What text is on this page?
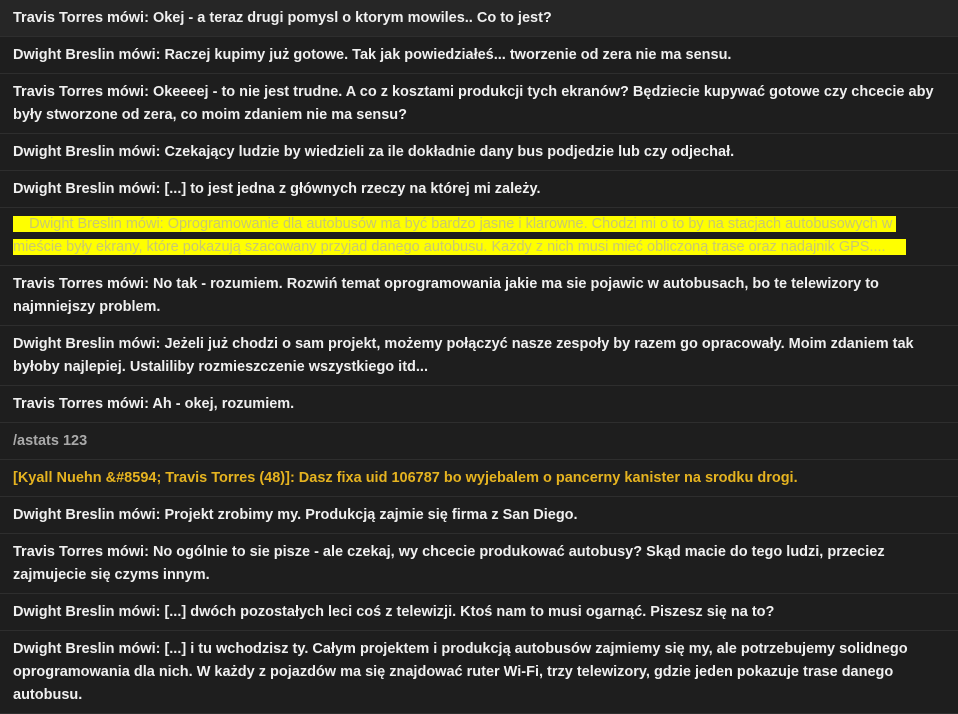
Travis Torres mówi: Okej - a teraz drugi pomysl o ktorym mowiles.. Co to jest?
Dwight Breslin mówi: Raczej kupimy już gotowe. Tak jak powiedziałeś... tworzenie od zera nie ma sensu.
Travis Torres mówi: Okeeeej - to nie jest trudne. A co z kosztami produkcji tych ekranów? Będziecie kupywać gotowe czy chcecie aby były stworzone od zera, co moim zdaniem nie ma sensu?
Dwight Breslin mówi: Czekający ludzie by wiedzieli za ile dokładnie dany bus podjedzie lub czy odjechał.
Dwight Breslin mówi: [...] to jest jedna z głównych rzeczy na której mi zależy.
Dwight Breslin mówi: Oprogramowanie dla autobusów ma być bardzo jasne i klarowne. Chodzi mi o to by na stacjach autobusowych w mieście były ekrany, które pokazują szacowany przyjad danego autobusu. Każdy z nich musi mieć obliczoną trase oraz nadajnik GPS....
Travis Torres mówi: No tak - rozumiem. Rozwiń temat oprogramowania jakie ma sie pojawic w autobusach, bo te telewizory to najmniejszy problem.
Dwight Breslin mówi: Jeżeli już chodzi o sam projekt, możemy połączyć nasze zespoły by razem go opracowały. Moim zdaniem tak byłoby najlepiej. Ustaliliby rozmieszczenie wszystkiego itd...
Travis Torres mówi: Ah - okej, rozumiem.
/astats 123
[Kyall Nuehn &#8594; Travis Torres (48)]: Dasz fixa uid 106787 bo wyjebalem o pancerny kanister na srodku drogi.
Dwight Breslin mówi: Projekt zrobimy my. Produkcją zajmie się firma z San Diego.
Travis Torres mówi: No ogólnie to sie pisze - ale czekaj, wy chcecie produkować autobusy? Skąd macie do tego ludzi, przeciez zajmujecie się czyms innym.
Dwight Breslin mówi: [...] dwóch pozostałych leci coś z telewizji. Ktoś nam to musi ogarnąć. Piszesz się na to?
Dwight Breslin mówi: [...] i tu wchodzisz ty. Całym projektem i produkcją autobusów zajmiemy się my, ale potrzebujemy solidnego oprogramowania dla nich. W każdy z pojazdów ma się znajdować ruter Wi-Fi, trzy telewizory, gdzie jeden pokazuje trase danego autobusu.
